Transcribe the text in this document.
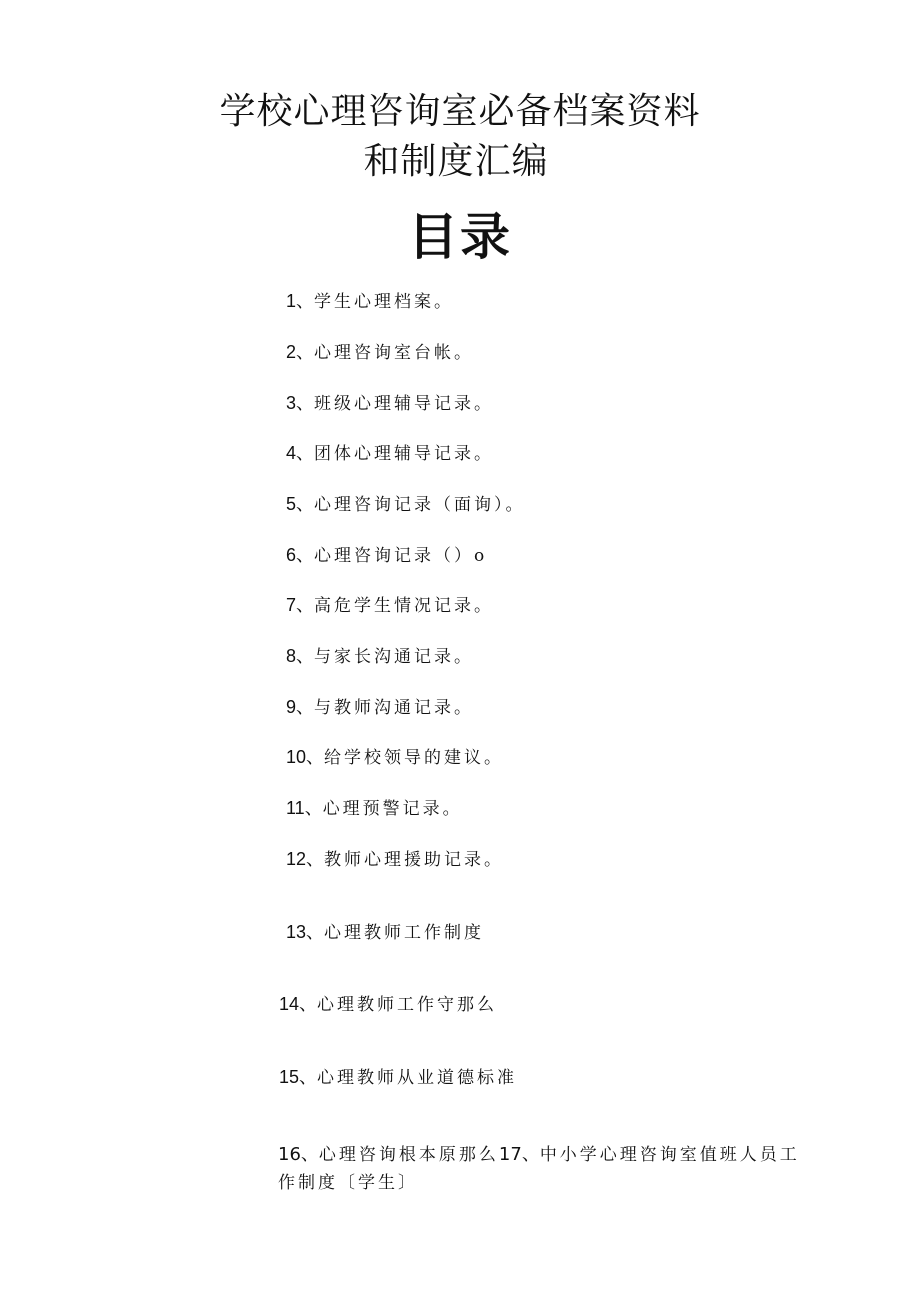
学校心理咨询室必备档案资料
和制度汇编
目录
1、学生心理档案。
2、心理咨询室台帐。
3、班级心理辅导记录。
4、团体心理辅导记录。
5、心理咨询记录（面询）。
6、心理咨询记录（）o
7、高危学生情况记录。
8、与家长沟通记录。
9、与教师沟通记录。
10、给学校领导的建议。
11、心理预警记录。
12、教师心理援助记录。
13、心理教师工作制度
14、心理教师工作守那么
15、心理教师从业道德标准
16、心理咨询根本原那么17、中小学心理咨询室值班人员工作制度〔学生〕
